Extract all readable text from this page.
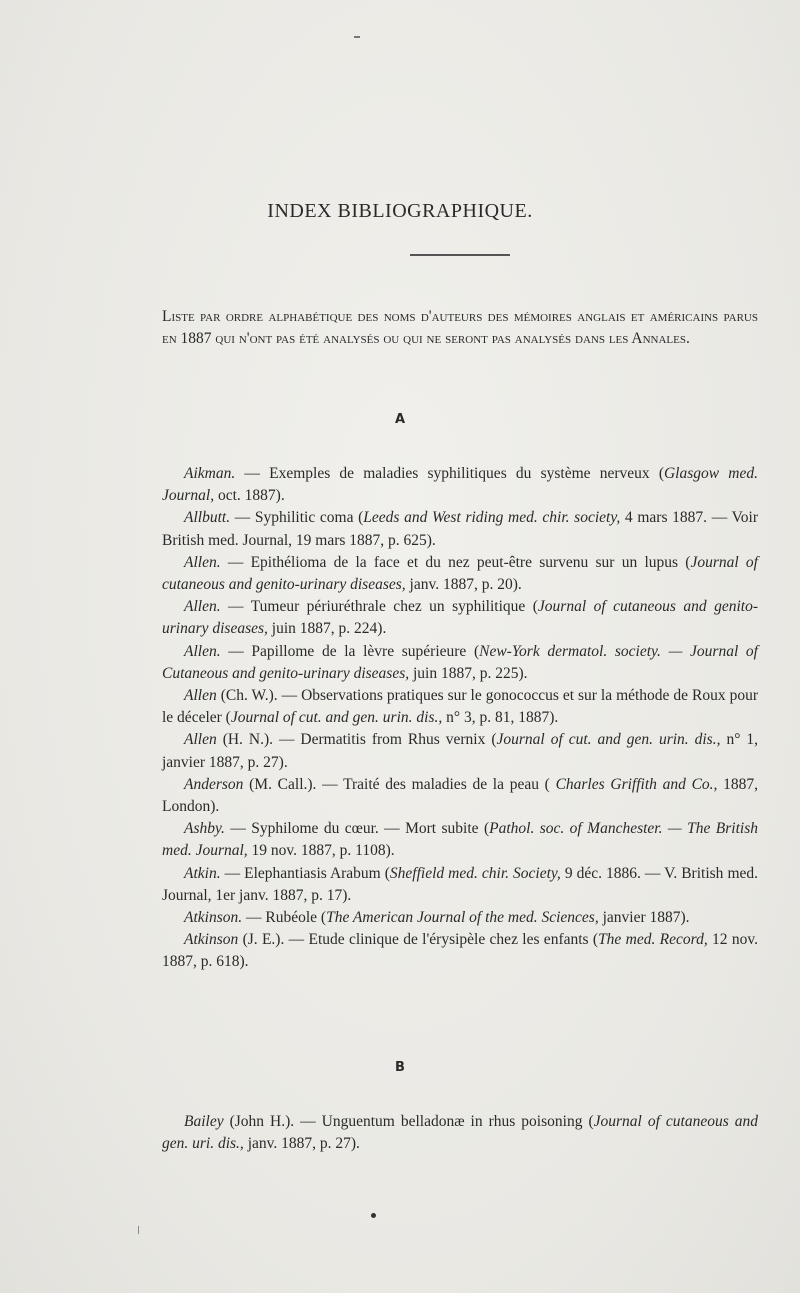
INDEX BIBLIOGRAPHIQUE.

Liste par ordre alphabétique des noms d'auteurs des mémoires anglais et américains parus en 1887 qui n'ont pas été analysés ou qui ne seront pas analysés dans les Annales.

A

Aikman. — Exemples de maladies syphilitiques du système nerveux (Glasgow med. Journal, oct. 1887).

Allbutt. — Syphilitic coma (Leeds and West riding med. chir. society, 4 mars 1887. — Voir British med. Journal, 19 mars 1887, p. 625).

Allen. — Epithélioma de la face et du nez peut-être survenu sur un lupus (Journal of cutaneous and genito-urinary diseases, janv. 1887, p. 20).

Allen. — Tumeur périuréthrale chez un syphilitique (Journal of cutaneous and genito-urinary diseases, juin 1887, p. 224).

Allen. — Papillome de la lèvre supérieure (New-York dermatol. society. — Journal of Cutaneous and genito-urinary diseases, juin 1887, p. 225).

Allen (Ch. W.). — Observations pratiques sur le gonococcus et sur la méthode de Roux pour le déceler (Journal of cut. and gen. urin. dis., n° 3, p. 81, 1887).

Allen (H. N.). — Dermatitis from Rhus vernix (Journal of cut. and gen. urin. dis., n° 1, janvier 1887, p. 27).

Anderson (M. Call.). — Traité des maladies de la peau ( Charles Griffith and Co., 1887, London).

Ashby. — Syphilome du cœur. — Mort subite (Pathol. soc. of Manchester. — The British med. Journal, 19 nov. 1887, p. 1108).

Atkin. — Elephantiasis Arabum (Sheffield med. chir. Society, 9 déc. 1886. — V. British med. Journal, 1er janv. 1887, p. 17).

Atkinson. — Rubéole (The American Journal of the med. Sciences, janvier 1887).

Atkinson (J. E.). — Etude clinique de l'érysipèle chez les enfants (The med. Record, 12 nov. 1887, p. 618).

B

Bailey (John H.). — Unguentum belladonæ in rhus poisoning (Journal of cutaneous and gen. uri. dis., janv. 1887, p. 27).
